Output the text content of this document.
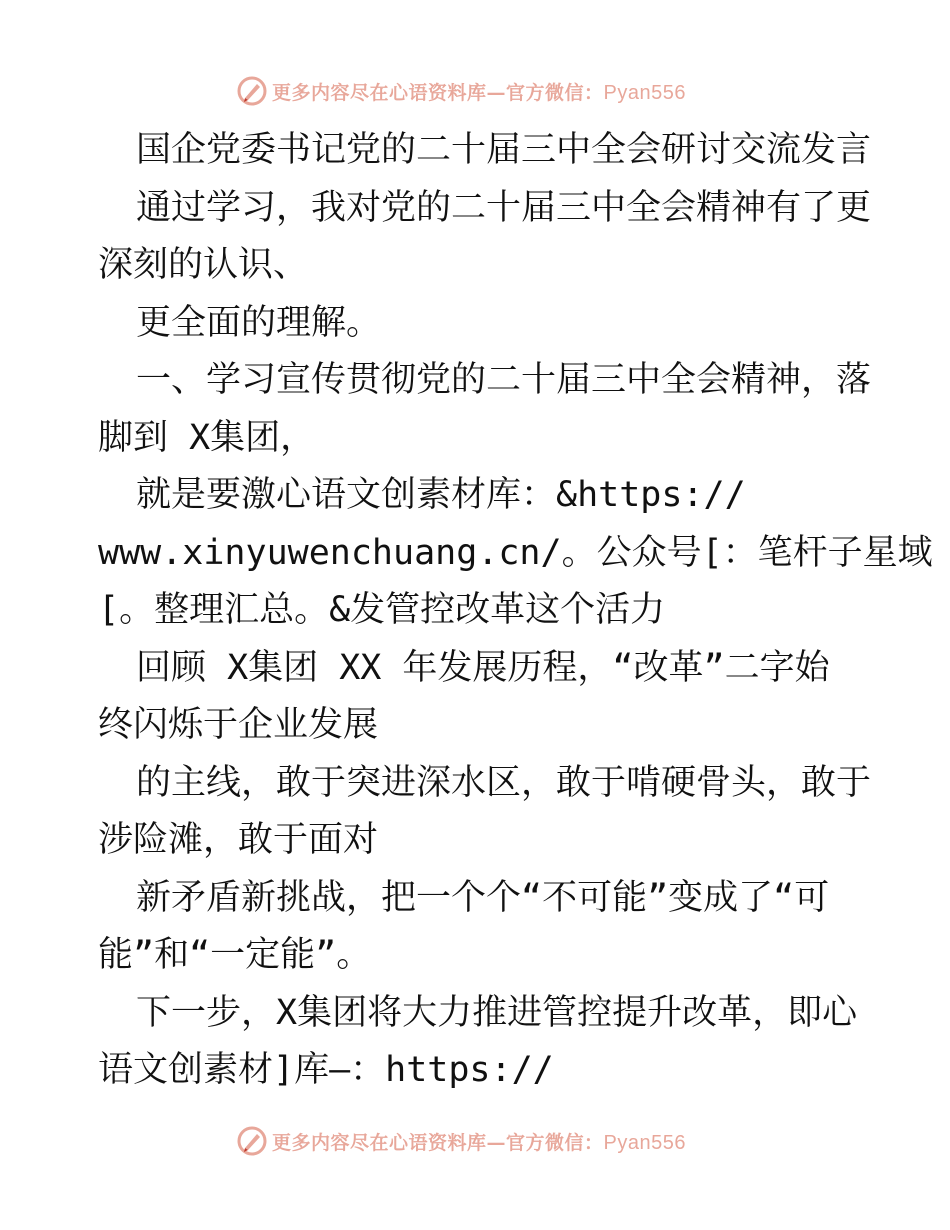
更多内容尽在心语资料库—官方微信：Pyan556
国企党委书记党的二十届三中全会研讨交流发言
通过学习，我对党的二十届三中全会精神有了更
深刻的认识、
更全面的理解。
一、学习宣传贯彻党的二十届三中全会精神，落
脚到 X集团，
就是要激心语文创素材库：&https://
www.xinyuwenchuang.cn/。公众号[：笔杆子星域
[。整理汇总。&发管控改革这个活力
回顾 X集团 XX 年发展历程，“改革”二字始
终闪烁于企业发展
的主线，敢于突进深水区，敢于啃硬骨头，敢于
涉险滩，敢于面对
新矛盾新挑战，把一个个“不可能”变成了“可
能”和“一定能”。
下一步，X集团将大力推进管控提升改革，即心
语文创素材]库—：https://
更多内容尽在心语资料库—官方微信：Pyan556
